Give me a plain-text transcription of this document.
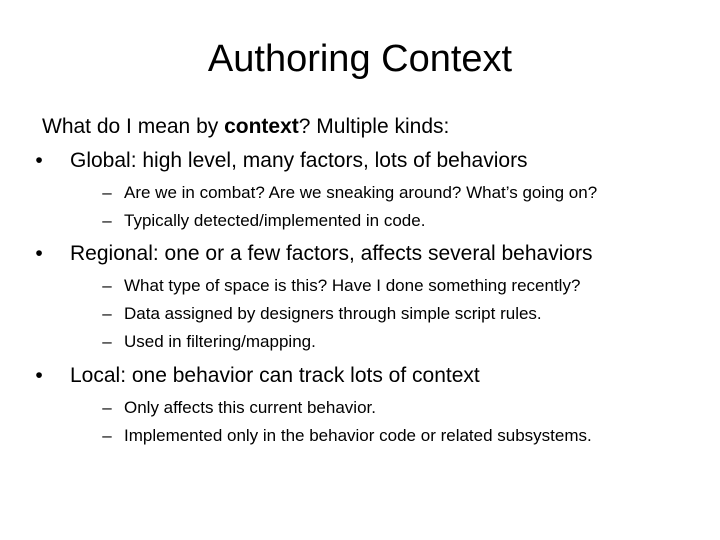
Authoring Context
What do I mean by context? Multiple kinds:
• Global: high level, many factors, lots of behaviors
– Are we in combat? Are we sneaking around? What’s going on?
– Typically detected/implemented in code.
• Regional: one or a few factors, affects several behaviors
– What type of space is this? Have I done something recently?
– Data assigned by designers through simple script rules.
– Used in filtering/mapping.
• Local: one behavior can track lots of context
– Only affects this current behavior.
– Implemented only in the behavior code or related subsystems.
